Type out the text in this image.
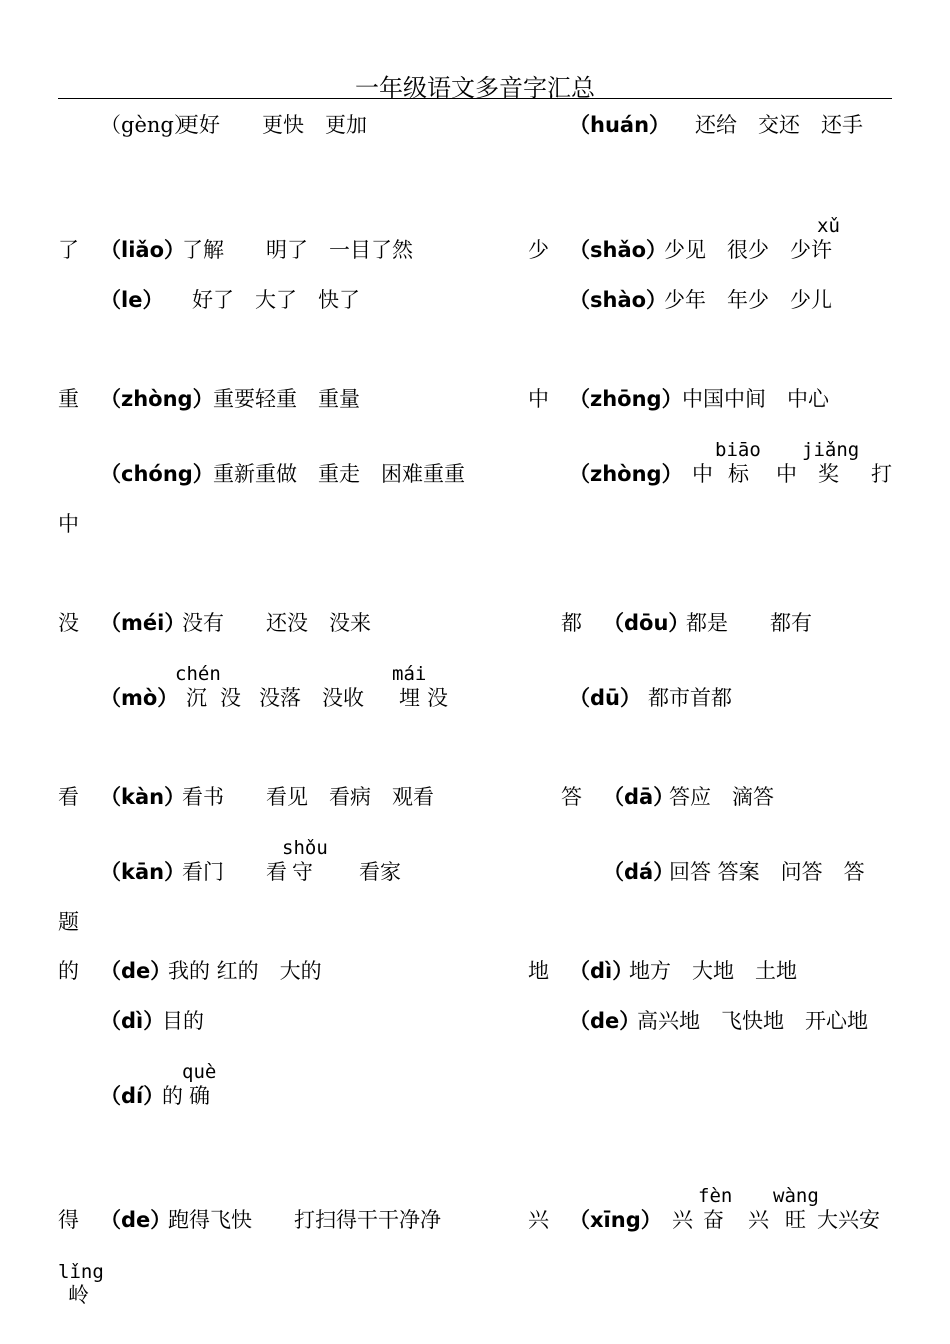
一年级语文多音字汇总
（gèng）
更好　　更快　更加
了 （liǎo）
了解　　明了　一目了然
（le） 好了　大了　快了
重 （zhòng） 重要轻重　重量
（chóng） 重新重做　重走　困难重重
没 （méi）
没有　　还没　没来
chén	mái
（mò） 沉 没 没落　没收 埋 没
看 （kàn）
看书　　看见　看病　观看
shǒu
（kān）
看门　　看 守 看家
题
的 （de）
我的 红的　大的
（dì）
目的
què
（dí）
的 确
得 （de）
跑得飞快　　打扫得干干净净
lǐng
岭
（huán） 还给　交还　还手
xǔ
少 （shǎo）
少见　很少　少许
（shào）
少年　年少　少儿
中 （zhōng） 中国中间　中心
biāo jiǎng
（zhòng） 中 标 中 奖 打
中
都 （dōu）
都是　　都有
（dū） 都市首都
答 （dā）
答应　滴答
（dá）
回答 答案　问答　答
地 （dì）
地方　大地　土地
（de）
高兴地　飞快地　开心地
fèn wàng
兴 （xīng） 兴 奋 兴 旺 大兴安
